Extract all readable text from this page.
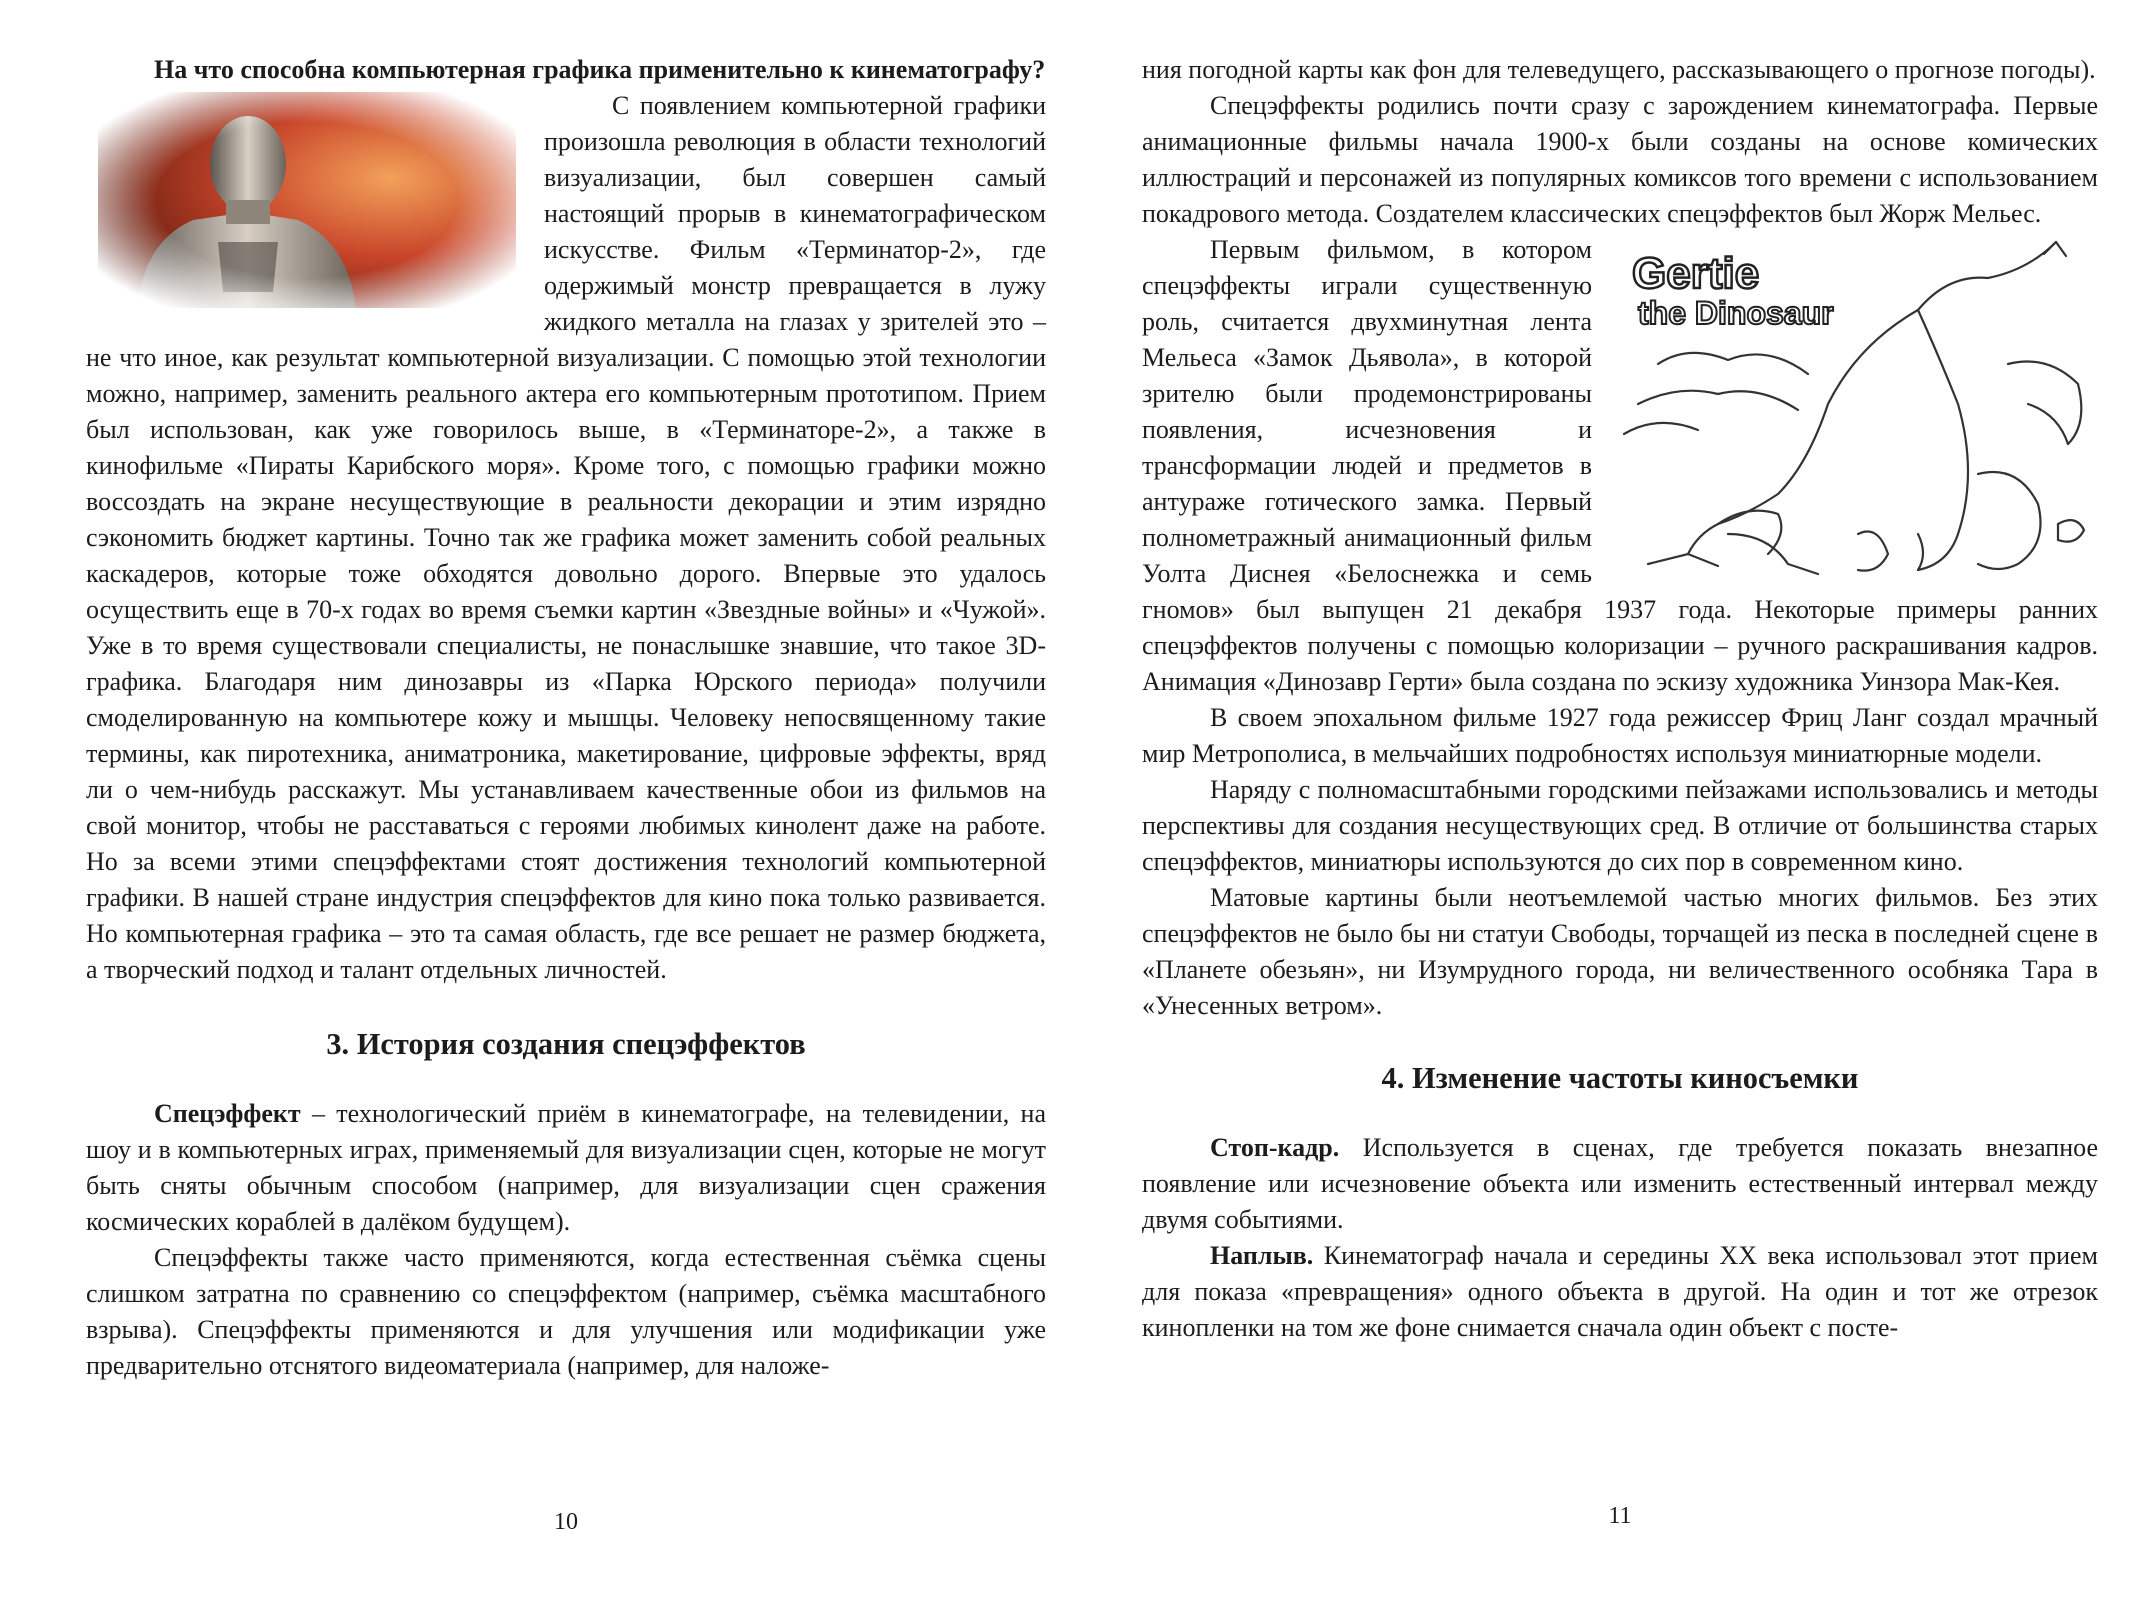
На что способна компьютерная графика применительно к кинематографу?

С появлением компьютерной графики произошла революция в области технологий визуализации, был совершен самый настоящий прорыв в кинематографическом искусстве. Фильм «Терминатор-2», где одержимый монстр превращается в лужу жидкого металла на глазах у зрителей это – не что иное, как результат компьютерной визуализации. С помощью этой технологии можно, например, заменить реального актера его компьютерным прототипом. Прием был использован, как уже говорилось выше, в «Терминаторе-2», а также в кинофильме «Пираты Карибского моря». Кроме того, с помощью графики можно воссоздать на экране несуществующие в реальности декорации и этим изрядно сэкономить бюджет картины. Точно так же графика может заменить собой реальных каскадеров, которые тоже обходятся довольно дорого. Впервые это удалось осуществить еще в 70-х годах во время съемки картин «Звездные войны» и «Чужой». Уже в то время существовали специалисты, не понаслышке знавшие, что такое 3D-графика. Благодаря ним динозавры из «Парка Юрского периода» получили смоделированную на компьютере кожу и мышцы. Человеку непосвященному такие термины, как пиротехника, аниматроника, макетирование, цифровые эффекты, вряд ли о чем-нибудь расскажут. Мы устанавливаем качественные обои из фильмов на свой монитор, чтобы не расставаться с героями любимых кинолент даже на работе. Но за всеми этими спецэффектами стоят достижения технологий компьютерной графики. В нашей стране индустрия спецэффектов для кино пока только развивается. Но компьютерная графика – это та самая область, где все решает не размер бюджета, а творческий подход и талант отдельных личностей.

3. История создания спецэффектов

Спецэффект – технологический приём в кинематографе, на телевидении, на шоу и в компьютерных играх, применяемый для визуализации сцен, которые не могут быть сняты обычным способом (например, для визуализации сцен сражения космических кораблей в далёком будущем).

Спецэффекты также часто применяются, когда естественная съёмка сцены слишком затратна по сравнению со спецэффектом (например, съёмка масштабного взрыва). Спецэффекты применяются и для улучшения или модификации уже предварительно отснятого видеоматериала (например, для наложе-

10

ния погодной карты как фон для телеведущего, рассказывающего о прогнозе погоды).

Спецэффекты родились почти сразу с зарождением кинематографа. Первые анимационные фильмы начала 1900-х были созданы на основе комических иллюстраций и персонажей из популярных комиксов того времени с использованием покадрового метода. Создателем классических спецэффектов был Жорж Мельес.

Gertie
the Dinosaur

Первым фильмом, в котором спецэффекты играли существенную роль, считается двухминутная лента Мельеса «Замок Дьявола», в которой зрителю были продемонстрированы появления, исчезновения и трансформации людей и предметов в антураже готического замка. Первый полнометражный анимационный фильм Уолта Диснея «Белоснежка и семь гномов» был выпущен 21 декабря 1937 года. Некоторые примеры ранних спецэффектов получены с помощью колоризации – ручного раскрашивания кадров. Анимация «Динозавр Герти» была создана по эскизу художника Уинзора Мак-Кея.

В своем эпохальном фильме 1927 года режиссер Фриц Ланг создал мрачный мир Метрополиса, в мельчайших подробностях используя миниатюрные модели.

Наряду с полномасштабными городскими пейзажами использовались и методы перспективы для создания несуществующих сред. В отличие от большинства старых спецэффектов, миниатюры используются до сих пор в современном кино.

Матовые картины были неотъемлемой частью многих фильмов. Без этих спецэффектов не было бы ни статуи Свободы, торчащей из песка в последней сцене в «Планете обезьян», ни Изумрудного города, ни величественного особняка Тара в «Унесенных ветром».

4. Изменение частоты киносъемки

Стоп-кадр. Используется в сценах, где требуется показать внезапное появление или исчезновение объекта или изменить естественный интервал между двумя событиями.

Наплыв. Кинематограф начала и середины XX века использовал этот прием для показа «превращения» одного объекта в другой. На один и тот же отрезок кинопленки на том же фоне снимается сначала один объект с посте-

11
